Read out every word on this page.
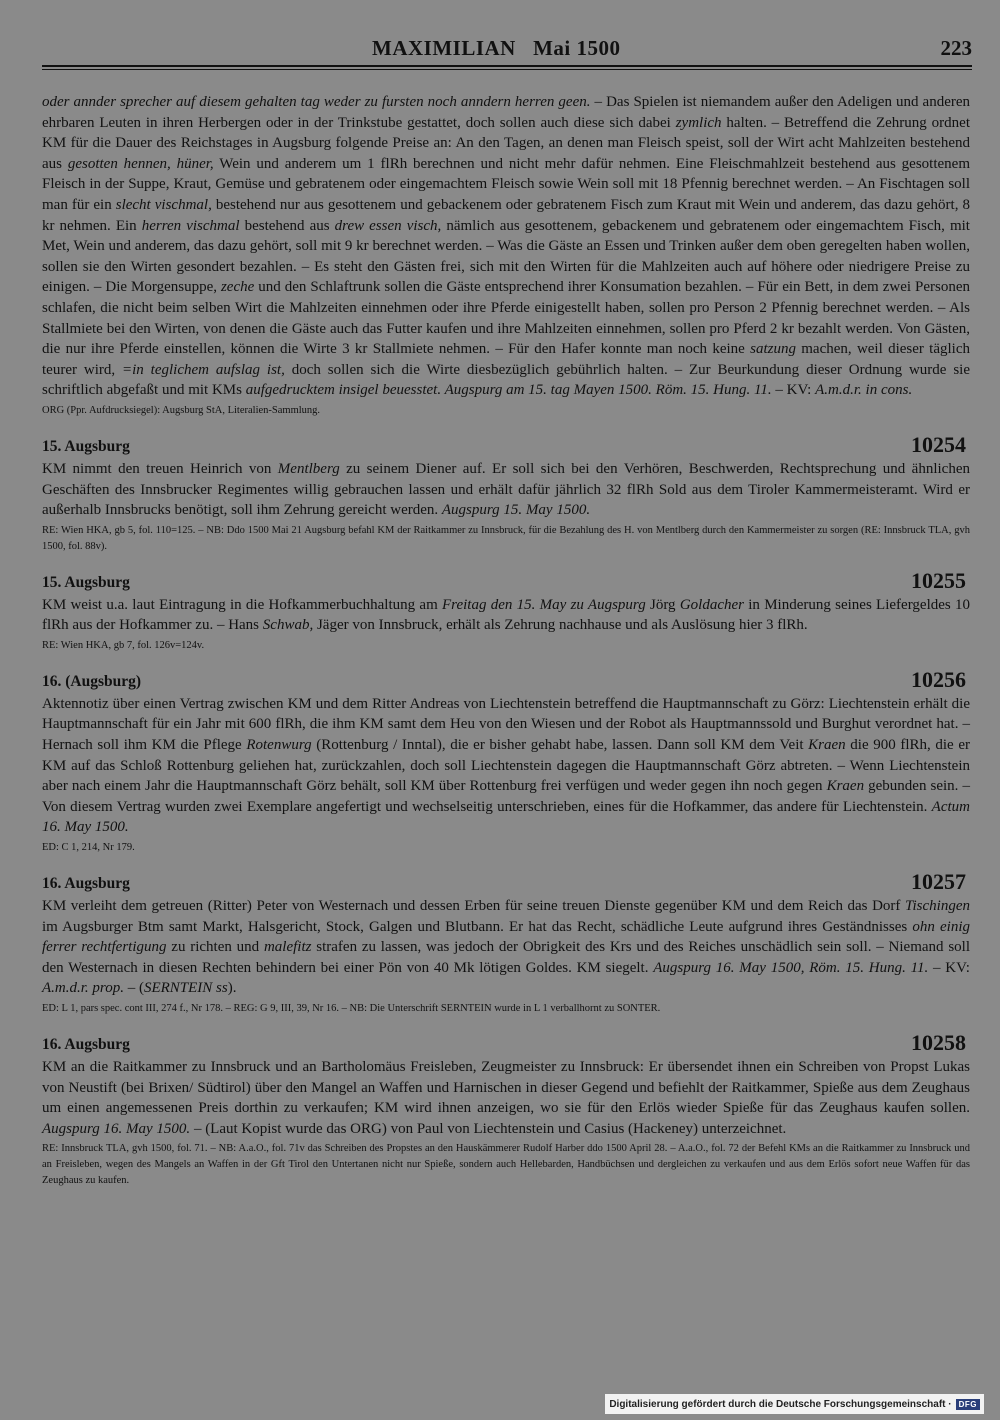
MAXIMILIAN   Mai 1500	223

oder annder sprecher auf diesem gehalten tag weder zu fursten noch anndern herren geen. – Das Spielen ist niemandem außer den Adeligen und anderen ehrbaren Leuten in ihren Herbergen oder in der Trinkstube gestattet, doch sollen auch diese sich dabei zymlich halten. – Betreffend die Zehrung ordnet KM für die Dauer des Reichstages in Augsburg folgende Preise an: An den Tagen, an denen man Fleisch speist, soll der Wirt acht Mahlzeiten bestehend aus gesotten hennen, hüner, Wein und anderem um 1 flRh berechnen und nicht mehr dafür nehmen. Eine Fleischmahlzeit bestehend aus gesottenem Fleisch in der Suppe, Kraut, Gemüse und gebratenem oder eingemachtem Fleisch sowie Wein soll mit 18 Pfennig berechnet werden. – An Fischtagen soll man für ein slecht vischmal, bestehend nur aus gesottenem und gebackenem oder gebratenem Fisch zum Kraut mit Wein und anderem, das dazu gehört, 8 kr nehmen. Ein herren vischmal bestehend aus drew essen visch, nämlich aus gesottenem, gebackenem und gebratenem oder eingemachtem Fisch, mit Met, Wein und anderem, das dazu gehört, soll mit 9 kr berechnet werden. – Was die Gäste an Essen und Trinken außer dem oben geregelten haben wollen, sollen sie den Wirten gesondert bezahlen. – Es steht den Gästen frei, sich mit den Wirten für die Mahlzeiten auch auf höhere oder niedrigere Preise zu einigen. – Die Morgensuppe, zeche und den Schlaftrunk sollen die Gäste entsprechend ihrer Konsumation bezahlen. – Für ein Bett, in dem zwei Personen schlafen, die nicht beim selben Wirt die Mahlzeiten einnehmen oder ihre Pferde einigestellt haben, sollen pro Person 2 Pfennig berechnet werden. – Als Stallmiete bei den Wirten, von denen die Gäste auch das Futter kaufen und ihre Mahlzeiten einnehmen, sollen pro Pferd 2 kr bezahlt werden. Von Gästen, die nur ihre Pferde einstellen, können die Wirte 3 kr Stallmiete nehmen. – Für den Hafer konnte man noch keine satzung machen, weil dieser täglich teurer wird, =in teglichem aufslag ist, doch sollen sich die Wirte diesbezüglich gebührlich halten. – Zur Beurkundung dieser Ordnung wurde sie schriftlich abgefaßt und mit KMs aufgedrucktem insigel beuesstet. Augspurg am 15. tag Mayen 1500. Röm. 15. Hung. 11. – KV: A.m.d.r. in cons.

ORG (Ppr. Aufdrucksiegel): Augsburg StA, Literalien-Sammlung.

15. Augsburg	10254

KM nimmt den treuen Heinrich von Mentlberg zu seinem Diener auf. Er soll sich bei den Verhören, Beschwerden, Rechtsprechung und ähnlichen Geschäften des Innsbrucker Regimentes willig gebrauchen lassen und erhält dafür jährlich 32 flRh Sold aus dem Tiroler Kammermeisteramt. Wird er außerhalb Innsbrucks benötigt, soll ihm Zehrung gereicht werden. Augspurg 15. May 1500.

RE: Wien HKA, gb 5, fol. 110=125. – NB: Ddo 1500 Mai 21 Augsburg befahl KM der Raitkammer zu Innsbruck, für die Bezahlung des H. von Mentlberg durch den Kammermeister zu sorgen (RE: Innsbruck TLA, gvh 1500, fol. 88v).

15. Augsburg	10255

KM weist u.a. laut Eintragung in die Hofkammerbuchhaltung am Freitag den 15. May zu Augspurg Jörg Goldacher in Minderung seines Liefergeldes 10 flRh aus der Hofkammer zu. – Hans Schwab, Jäger von Innsbruck, erhält als Zehrung nachhause und als Auslösung hier 3 flRh.

RE: Wien HKA, gb 7, fol. 126v=124v.

16. (Augsburg)	10256

Aktennotiz über einen Vertrag zwischen KM und dem Ritter Andreas von Liechtenstein betreffend die Hauptmannschaft zu Görz: Liechtenstein erhält die Hauptmannschaft für ein Jahr mit 600 flRh, die ihm KM samt dem Heu von den Wiesen und der Robot als Hauptmannssold und Burghut verordnet hat. – Hernach soll ihm KM die Pflege Rotenwurg (Rottenburg / Inntal), die er bisher gehabt habe, lassen. Dann soll KM dem Veit Kraen die 900 flRh, die er KM auf das Schloß Rottenburg geliehen hat, zurückzahlen, doch soll Liechtenstein dagegen die Hauptmannschaft Görz abtreten. – Wenn Liechtenstein aber nach einem Jahr die Hauptmannschaft Görz behält, soll KM über Rottenburg frei verfügen und weder gegen ihn noch gegen Kraen gebunden sein. – Von diesem Vertrag wurden zwei Exemplare angefertigt und wechselseitig unterschrieben, eines für die Hofkammer, das andere für Liechtenstein. Actum 16. May 1500.

ED: C 1, 214, Nr 179.

16. Augsburg	10257

KM verleiht dem getreuen (Ritter) Peter von Westernach und dessen Erben für seine treuen Dienste gegenüber KM und dem Reich das Dorf Tischingen im Augsburger Btm samt Markt, Halsgericht, Stock, Galgen und Blutbann. Er hat das Recht, schädliche Leute aufgrund ihres Geständnisses ohn einig ferrer rechtfertigung zu richten und malefitz strafen zu lassen, was jedoch der Obrigkeit des Krs und des Reiches unschädlich sein soll. – Niemand soll den Westernach in diesen Rechten behindern bei einer Pön von 40 Mk lötigen Goldes. KM siegelt. Augspurg 16. May 1500, Röm. 15. Hung. 11. – KV: A.m.d.r. prop. – (SERNTEIN ss).

ED: L 1, pars spec. cont III, 274 f., Nr 178. – REG: G 9, III, 39, Nr 16. – NB: Die Unterschrift SERNTEIN wurde in L 1 verballhornt zu SONTER.

16. Augsburg	10258

KM an die Raitkammer zu Innsbruck und an Bartholomäus Freisleben, Zeugmeister zu Innsbruck: Er übersendet ihnen ein Schreiben von Propst Lukas von Neustift (bei Brixen/ Südtirol) über den Mangel an Waffen und Harnischen in dieser Gegend und befiehlt der Raitkammer, Spieße aus dem Zeughaus um einen angemessenen Preis dorthin zu verkaufen; KM wird ihnen anzeigen, wo sie für den Erlös wieder Spieße für das Zeughaus kaufen sollen. Augspurg 16. May 1500. – (Laut Kopist wurde das ORG) von Paul von Liechtenstein und Casius (Hackeney) unterzeichnet.

RE: Innsbruck TLA, gvh 1500, fol. 71. – NB: A.a.O., fol. 71v das Schreiben des Propstes an den Hauskämmerer Rudolf Harber ddo 1500 April 28. – A.a.O., fol. 72 der Befehl KMs an die Raitkammer zu Innsbruck und an Freisleben, wegen des Mangels an Waffen in der Gft Tirol den Untertanen nicht nur Spieße, sondern auch Hellebarden, Handbüchsen und dergleichen zu verkaufen und aus dem Erlös sofort neue Waffen für das Zeughaus zu kaufen.

Digitalisierung gefördert durch die Deutsche Forschungsgemeinschaft · DFG
